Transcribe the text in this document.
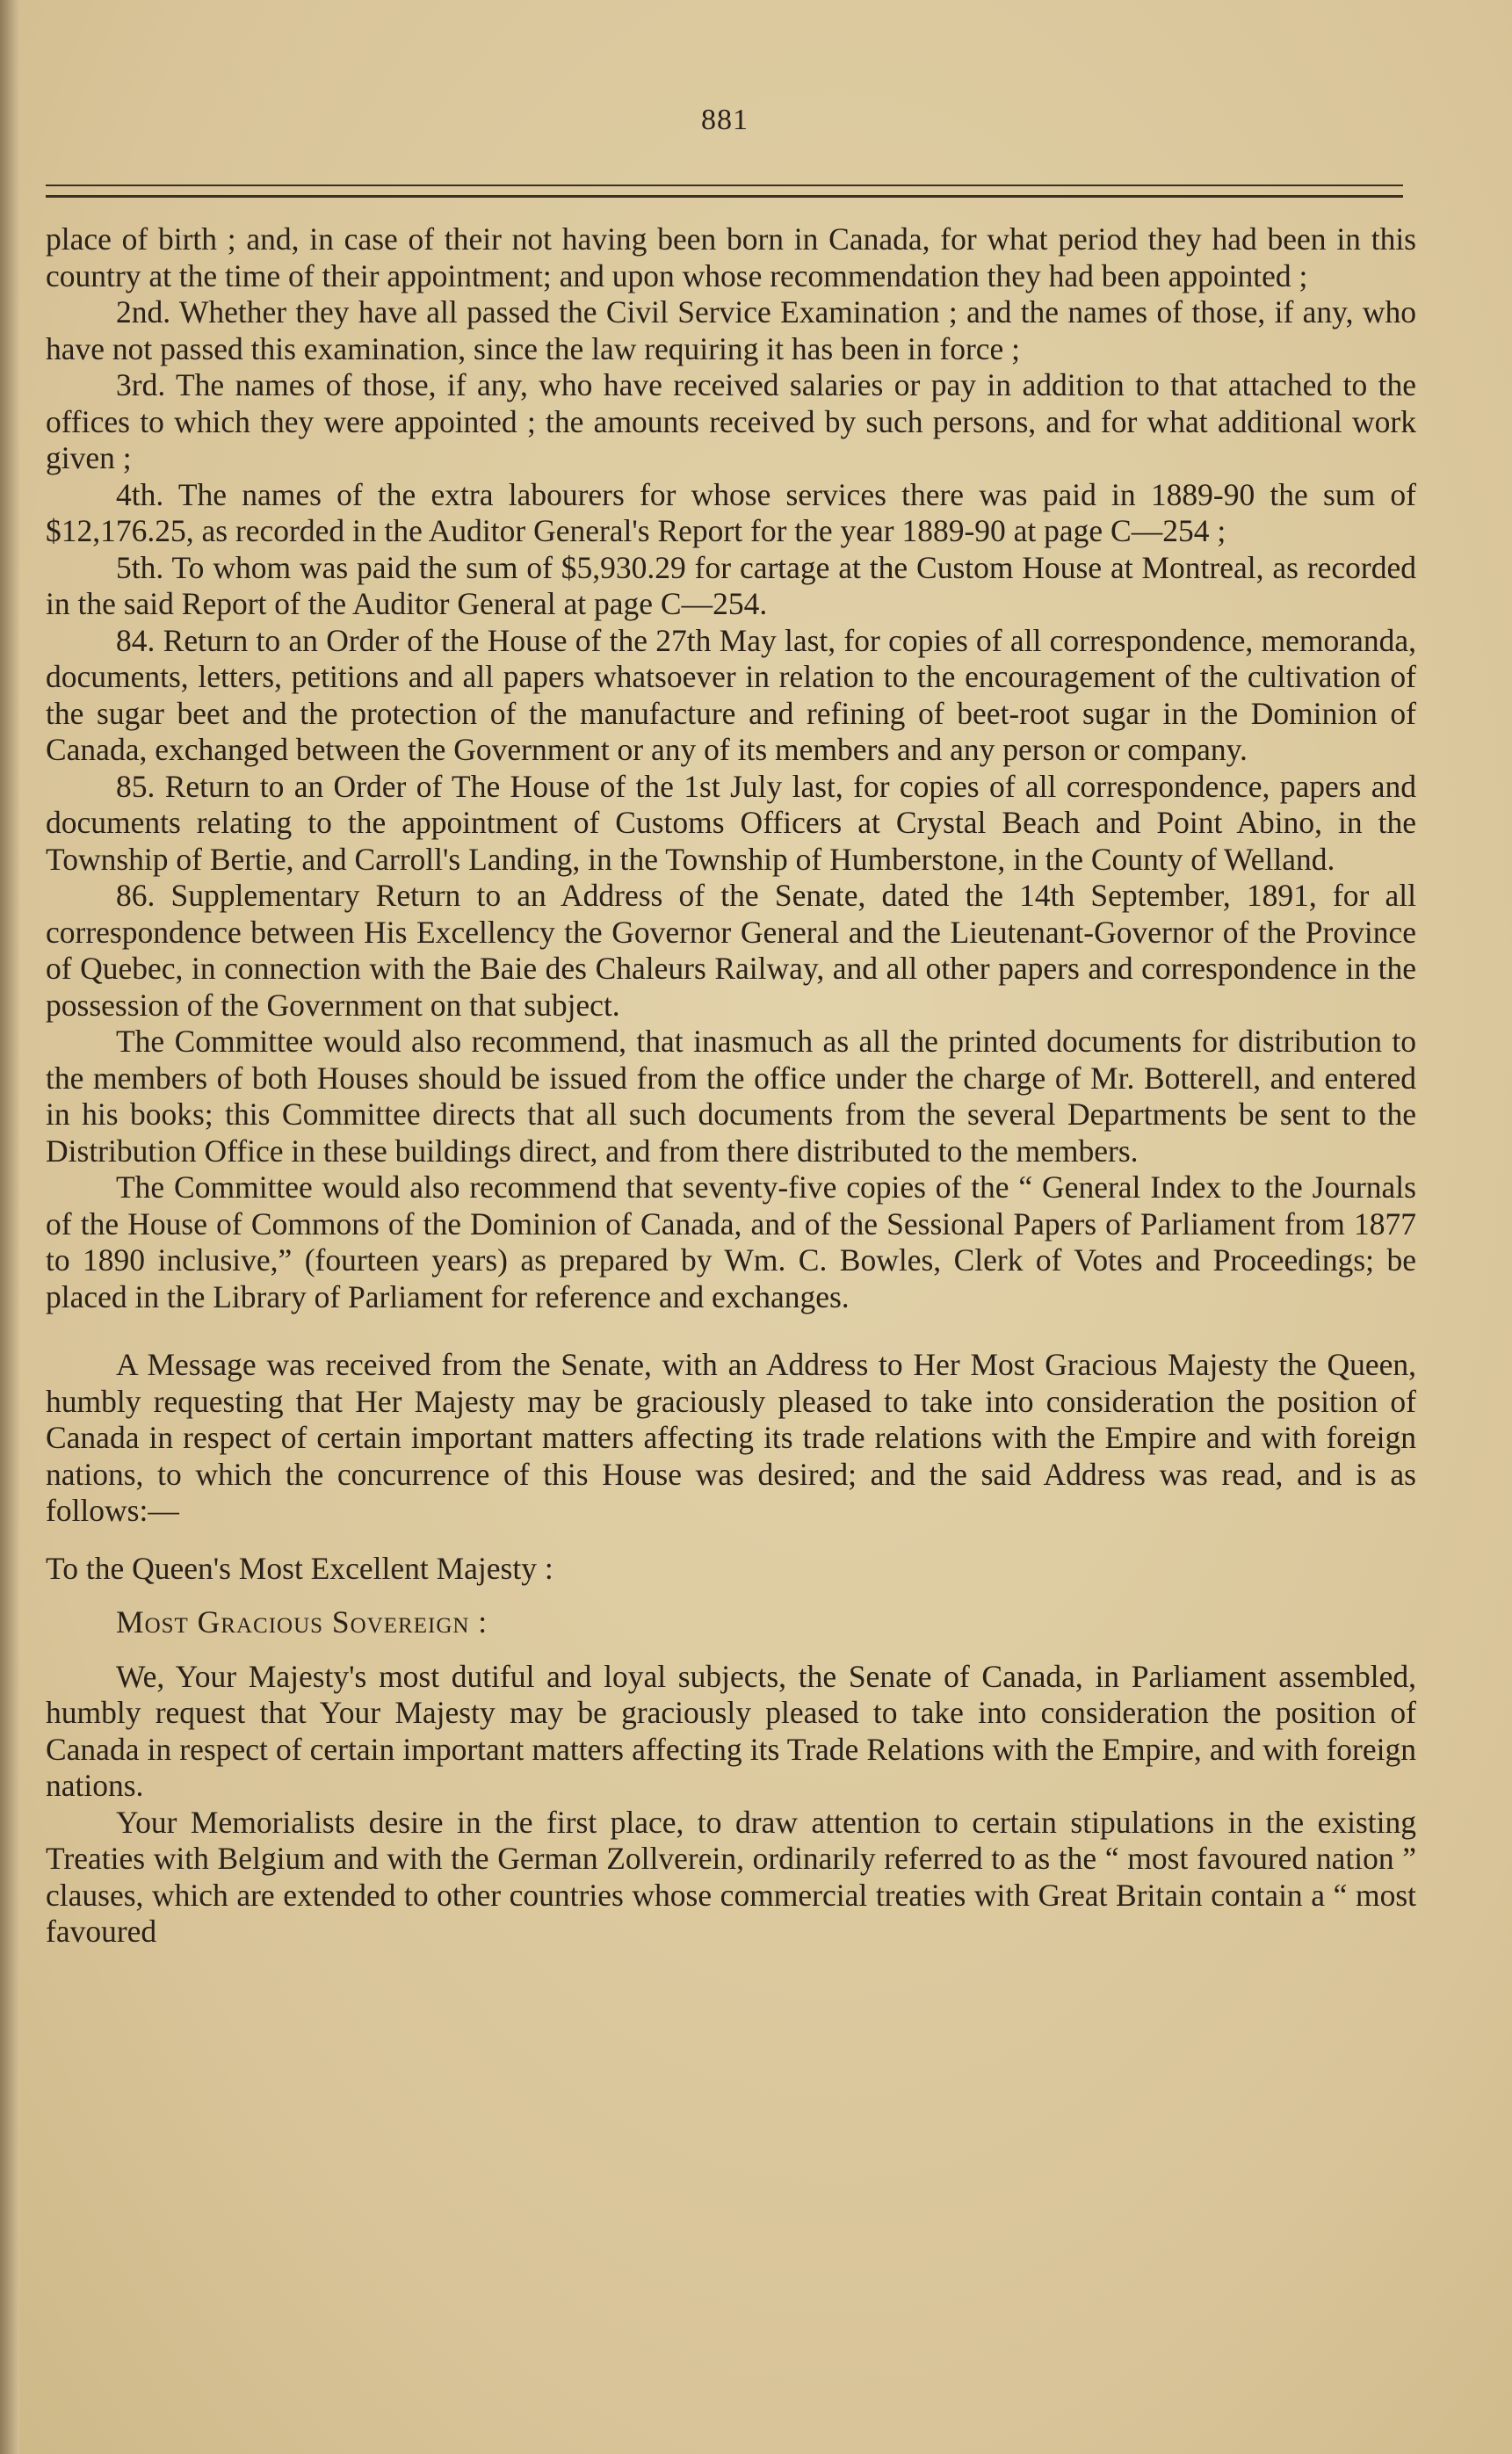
881

place of birth ; and, in case of their not having been born in Canada, for what period they had been in this country at the time of their appointment; and upon whose recommendation they had been appointed ;

2nd. Whether they have all passed the Civil Service Examination ; and the names of those, if any, who have not passed this examination, since the law requiring it has been in force ;

3rd. The names of those, if any, who have received salaries or pay in addition to that attached to the offices to which they were appointed ; the amounts received by such persons, and for what additional work given ;

4th. The names of the extra labourers for whose services there was paid in 1889-90 the sum of $12,176.25, as recorded in the Auditor General's Report for the year 1889-90 at page C—254 ;

5th. To whom was paid the sum of $5,930.29 for cartage at the Custom House at Montreal, as recorded in the said Report of the Auditor General at page C—254.

84. Return to an Order of the House of the 27th May last, for copies of all correspondence, memoranda, documents, letters, petitions and all papers whatsoever in relation to the encouragement of the cultivation of the sugar beet and the protection of the manufacture and refining of beet-root sugar in the Dominion of Canada, exchanged between the Government or any of its members and any person or company.

85. Return to an Order of The House of the 1st July last, for copies of all correspondence, papers and documents relating to the appointment of Customs Officers at Crystal Beach and Point Abino, in the Township of Bertie, and Carroll's Landing, in the Township of Humberstone, in the County of Welland.

86. Supplementary Return to an Address of the Senate, dated the 14th September, 1891, for all correspondence between His Excellency the Governor General and the Lieutenant-Governor of the Province of Quebec, in connection with the Baie des Chaleurs Railway, and all other papers and correspondence in the possession of the Government on that subject.

The Committee would also recommend, that inasmuch as all the printed documents for distribution to the members of both Houses should be issued from the office under the charge of Mr. Botterell, and entered in his books; this Committee directs that all such documents from the several Departments be sent to the Distribution Office in these buildings direct, and from there distributed to the members.

The Committee would also recommend that seventy-five copies of the “ General Index to the Journals of the House of Commons of the Dominion of Canada, and of the Sessional Papers of Parliament from 1877 to 1890 inclusive,” (fourteen years) as prepared by Wm. C. Bowles, Clerk of Votes and Proceedings; be placed in the Library of Parliament for reference and exchanges.

A Message was received from the Senate, with an Address to Her Most Gracious Majesty the Queen, humbly requesting that Her Majesty may be graciously pleased to take into consideration the position of Canada in respect of certain important matters affecting its trade relations with the Empire and with foreign nations, to which the concurrence of this House was desired; and the said Address was read, and is as follows:—

To the Queen's Most Excellent Majesty :

Most Gracious Sovereign :

We, Your Majesty's most dutiful and loyal subjects, the Senate of Canada, in Parliament assembled, humbly request that Your Majesty may be graciously pleased to take into consideration the position of Canada in respect of certain important matters affecting its Trade Relations with the Empire, and with foreign nations.

Your Memorialists desire in the first place, to draw attention to certain stipulations in the existing Treaties with Belgium and with the German Zollverein, ordinarily referred to as the “ most favoured nation ” clauses, which are extended to other countries whose commercial treaties with Great Britain contain a “ most favoured
